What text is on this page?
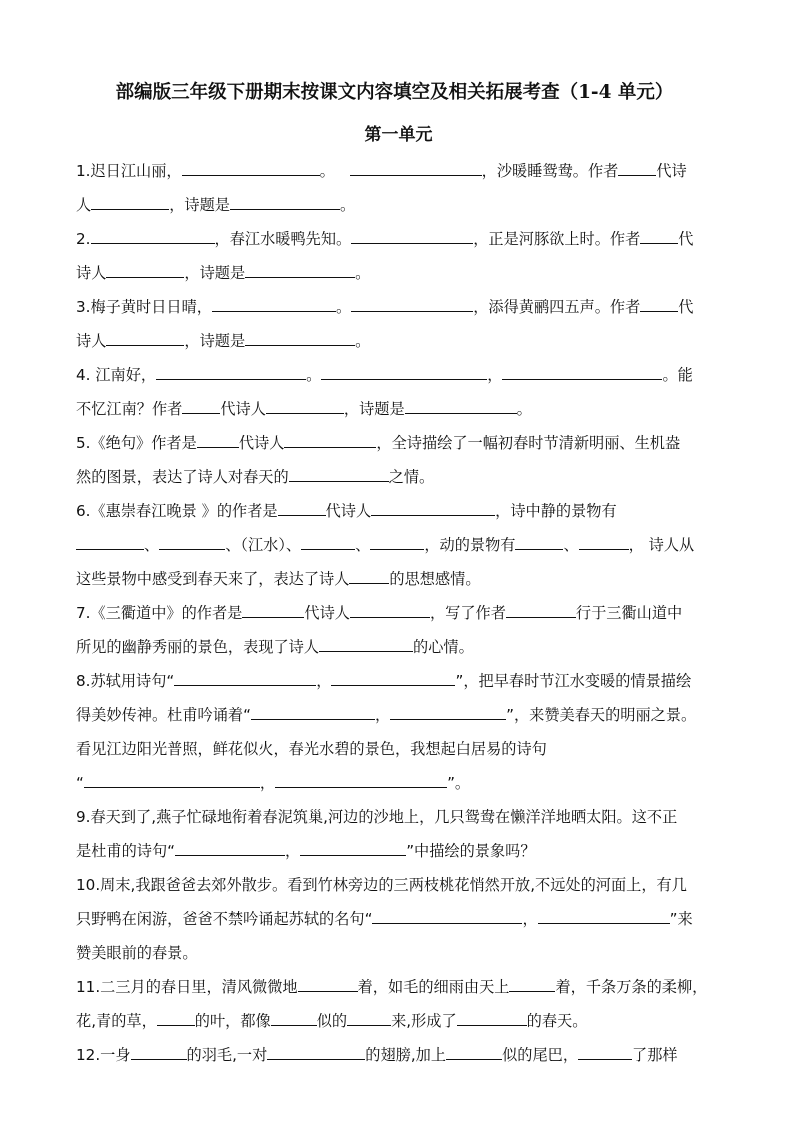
部编版三年级下册期末按课文内容填空及相关拓展考查（1-4 单元）
第一单元

1.迟日江山丽，	。	，沙暖睡鸳鸯。作者	代诗

人	，诗题是	。

2.	，春江水暖鸭先知。	，正是河豚欲上时。作者	代

诗人	，诗题是	。

3.梅子黄时日日晴，	。	，添得黄鹂四五声。作者	代

诗人	，诗题是	。

4. 江南好，	。	，	。能

不忆江南？作者	代诗人	，诗题是	。

5.《绝句》作者是	代诗人	，全诗描绘了一幅初春时节清新明丽、生机盎

然的图景，表达了诗人对春天的	之情。

6.《惠崇春江晚景 》的作者是	代诗人	，诗中静的景物有

、	、（江水）、	、	，动的景物有	、	， 诗人从

这些景物中感受到春天来了，表达了诗人	的思想感情。

7.《三衢道中》的作者是	代诗人	，写了作者	行于三衢山道中

所见的幽静秀丽的景色，表现了诗人	的心情。

8.苏轼用诗句“	，	”，把早春时节江水变暖的情景描绘

得美妙传神。杜甫吟诵着“	，	”，来赞美春天的明丽之景。

看见江边阳光普照，鲜花似火，春光水碧的景色，我想起白居易的诗句

“	，	”。

9.春天到了,燕子忙碌地衔着春泥筑巢,河边的沙地上，几只鸳鸯在懒洋洋地晒太阳。这不正

是杜甫的诗句“	，	”中描绘的景象吗？

10.周末,我跟爸爸去郊外散步。看到竹林旁边的三两枝桃花悄然开放,不远处的河面上，有几

只野鸭在闲游，爸爸不禁吟诵起苏轼的名句“	，	”来

赞美眼前的春景。

11.二三月的春日里，清风微微地	着，如毛的细雨由天上	着，千条万条的柔柳，

花,青的草，	的叶，都像	似的	来,形成了	的春天。

12.一身	的羽毛,一对	的翅膀,加上	似的尾巴，	了那样
